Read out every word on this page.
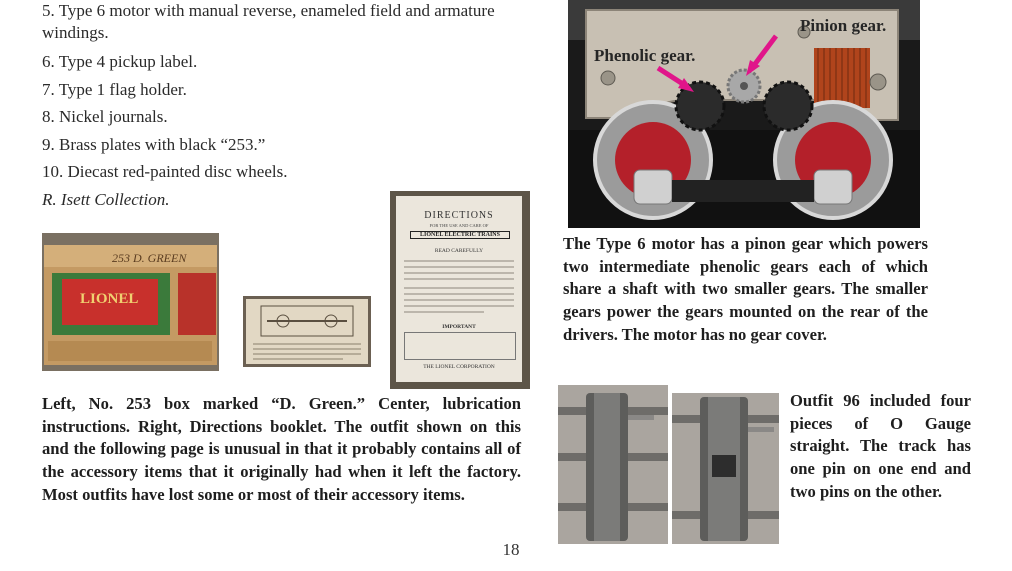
5. Type 6 motor with manual reverse, enameled field and armature windings.
6. Type 4 pickup label.
7. Type 1 flag holder.
8. Nickel journals.
9. Brass plates with black “253.”
10. Diecast red-painted disc wheels.
R. Isett Collection.
Pinion gear.
Phenolic gear.
The Type 6 motor has a pinon gear which powers two intermediate phenolic gears each of which share a shaft with two smaller gears. The smaller gears power the gears mounted on the rear of the drivers. The motor has no gear cover.
253 D. GREEN
LIONEL
DIRECTIONS
FOR THE USE AND CARE OF
LIONEL ELECTRIC TRAINS
READ CAREFULLY
IMPORTANT
THE LIONEL CORPORATION
Left, No. 253 box marked “D. Green.” Center, lubrication instructions. Right, Directions booklet. The outfit shown on this and the following page is unusual in that it probably contains all of the accessory items that it originally had when it left the factory. Most outfits have lost some or most of their accessory items.
Outfit 96 included four pieces of O Gauge straight. The track has one pin on one end and two pins on the other.
18
